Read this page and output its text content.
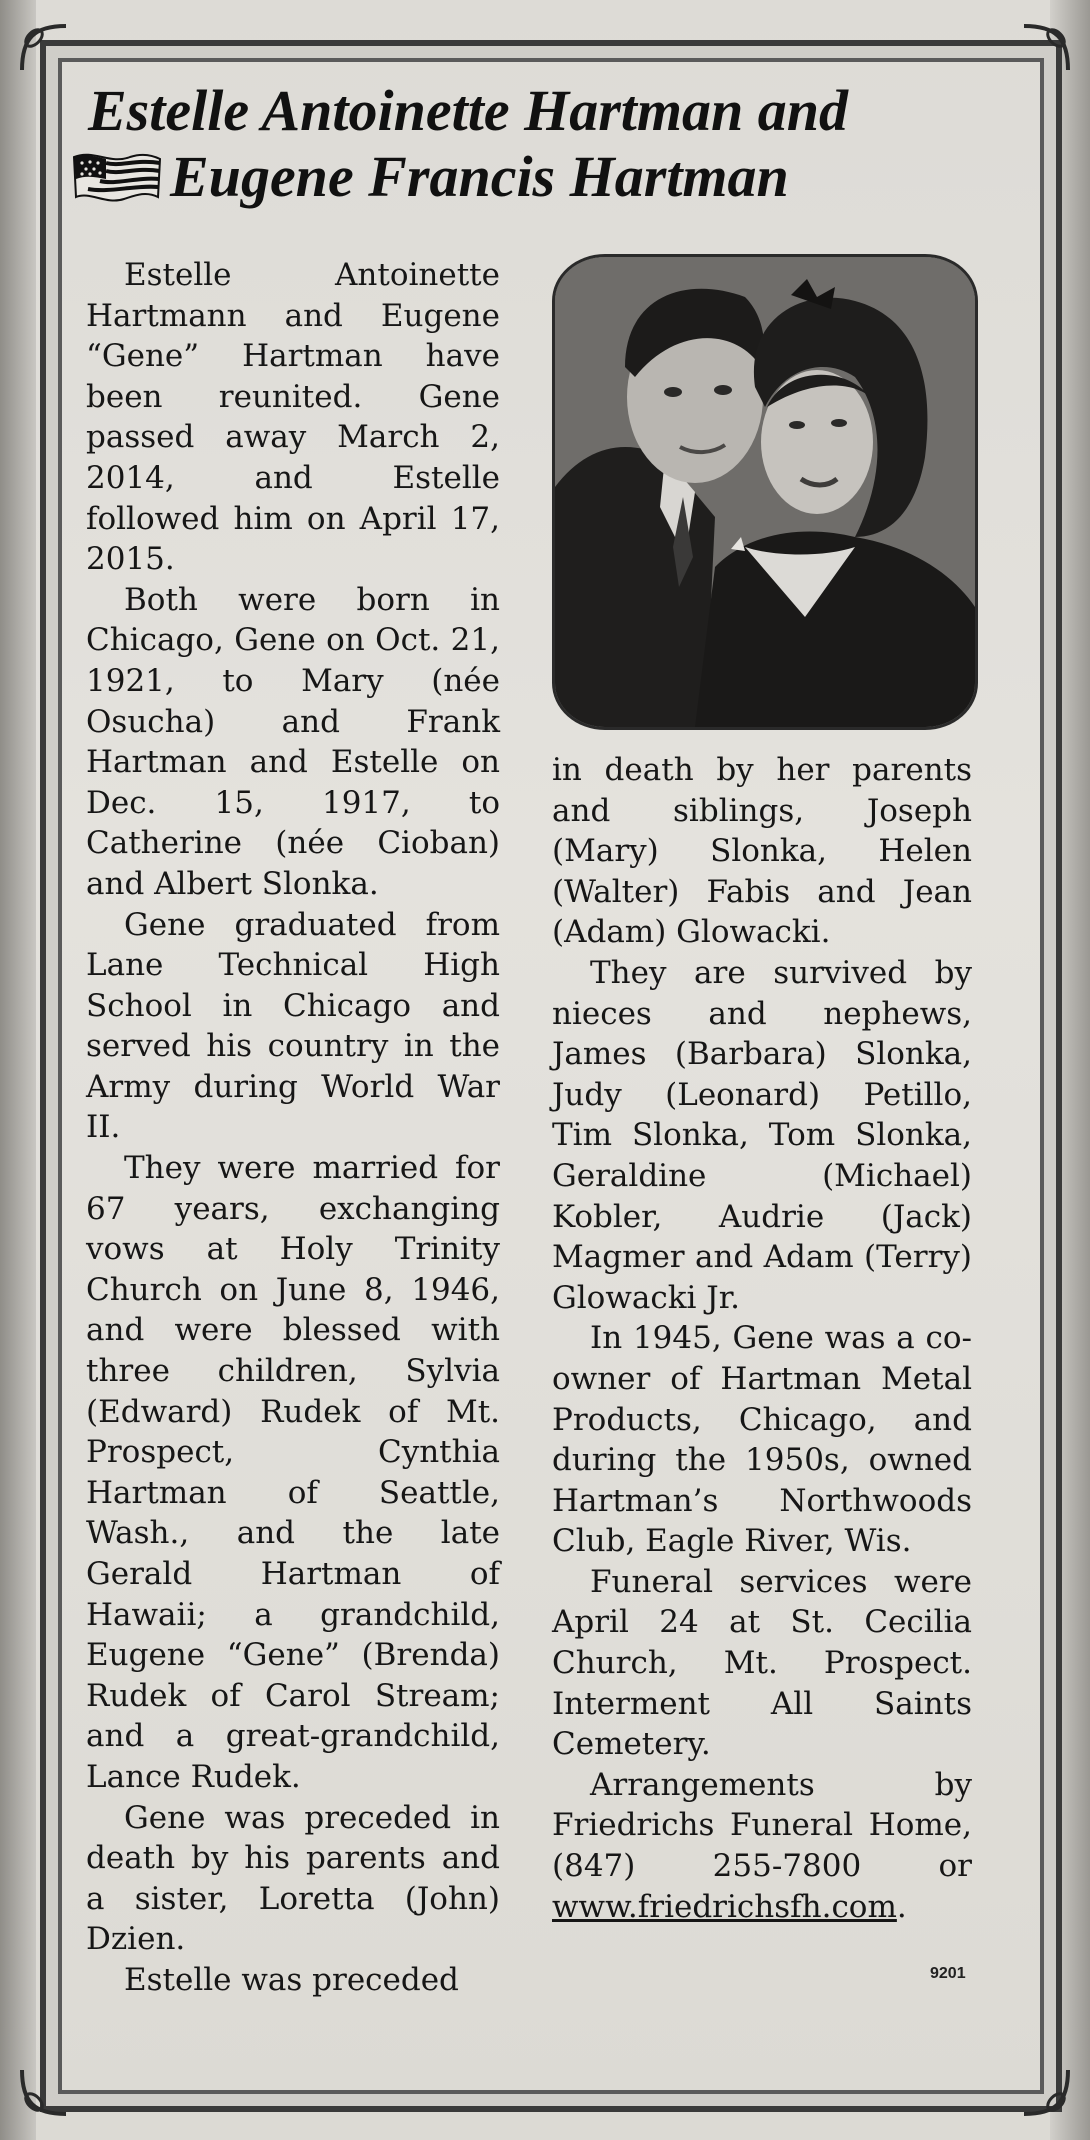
Estelle Antoinette Hartman and
Eugene Francis Hartman

Estelle Antoinette Hartmann and Eugene “Gene” Hartman have been reunited. Gene passed away March 2, 2014, and Estelle followed him on April 17, 2015.

Both were born in Chicago, Gene on Oct. 21, 1921, to Mary (née Osucha) and Frank Hartman and Estelle on Dec. 15, 1917, to Catherine (née Cioban) and Albert Slonka.

Gene graduated from Lane Technical High School in Chicago and served his country in the Army during World War II.

They were married for 67 years, exchanging vows at Holy Trinity Church on June 8, 1946, and were blessed with three children, Sylvia (Edward) Rudek of Mt. Prospect, Cynthia Hartman of Seattle, Wash., and the late Gerald Hartman of Hawaii; a grandchild, Eugene “Gene” (Brenda) Rudek of Carol Stream; and a great-grandchild, Lance Rudek.

Gene was preceded in death by his parents and a sister, Loretta (John) Dzien.

Estelle was preceded

in death by her parents and siblings, Joseph (Mary) Slonka, Helen (Walter) Fabis and Jean (Adam) Glowacki.

They are survived by nieces and nephews, James (Barbara) Slonka, Judy (Leonard) Petillo, Tim Slonka, Tom Slonka, Geraldine (Michael) Kobler, Audrie (Jack) Magmer and Adam (Terry) Glowacki Jr.

In 1945, Gene was a co-owner of Hartman Metal Products, Chicago, and during the 1950s, owned Hartman’s Northwoods Club, Eagle River, Wis.

Funeral services were April 24 at St. Cecilia Church, Mt. Prospect. Interment All Saints Cemetery.

Arrangements by Friedrichs Funeral Home, (847) 255-7800 or www.friedrichsfh.com.

9201
